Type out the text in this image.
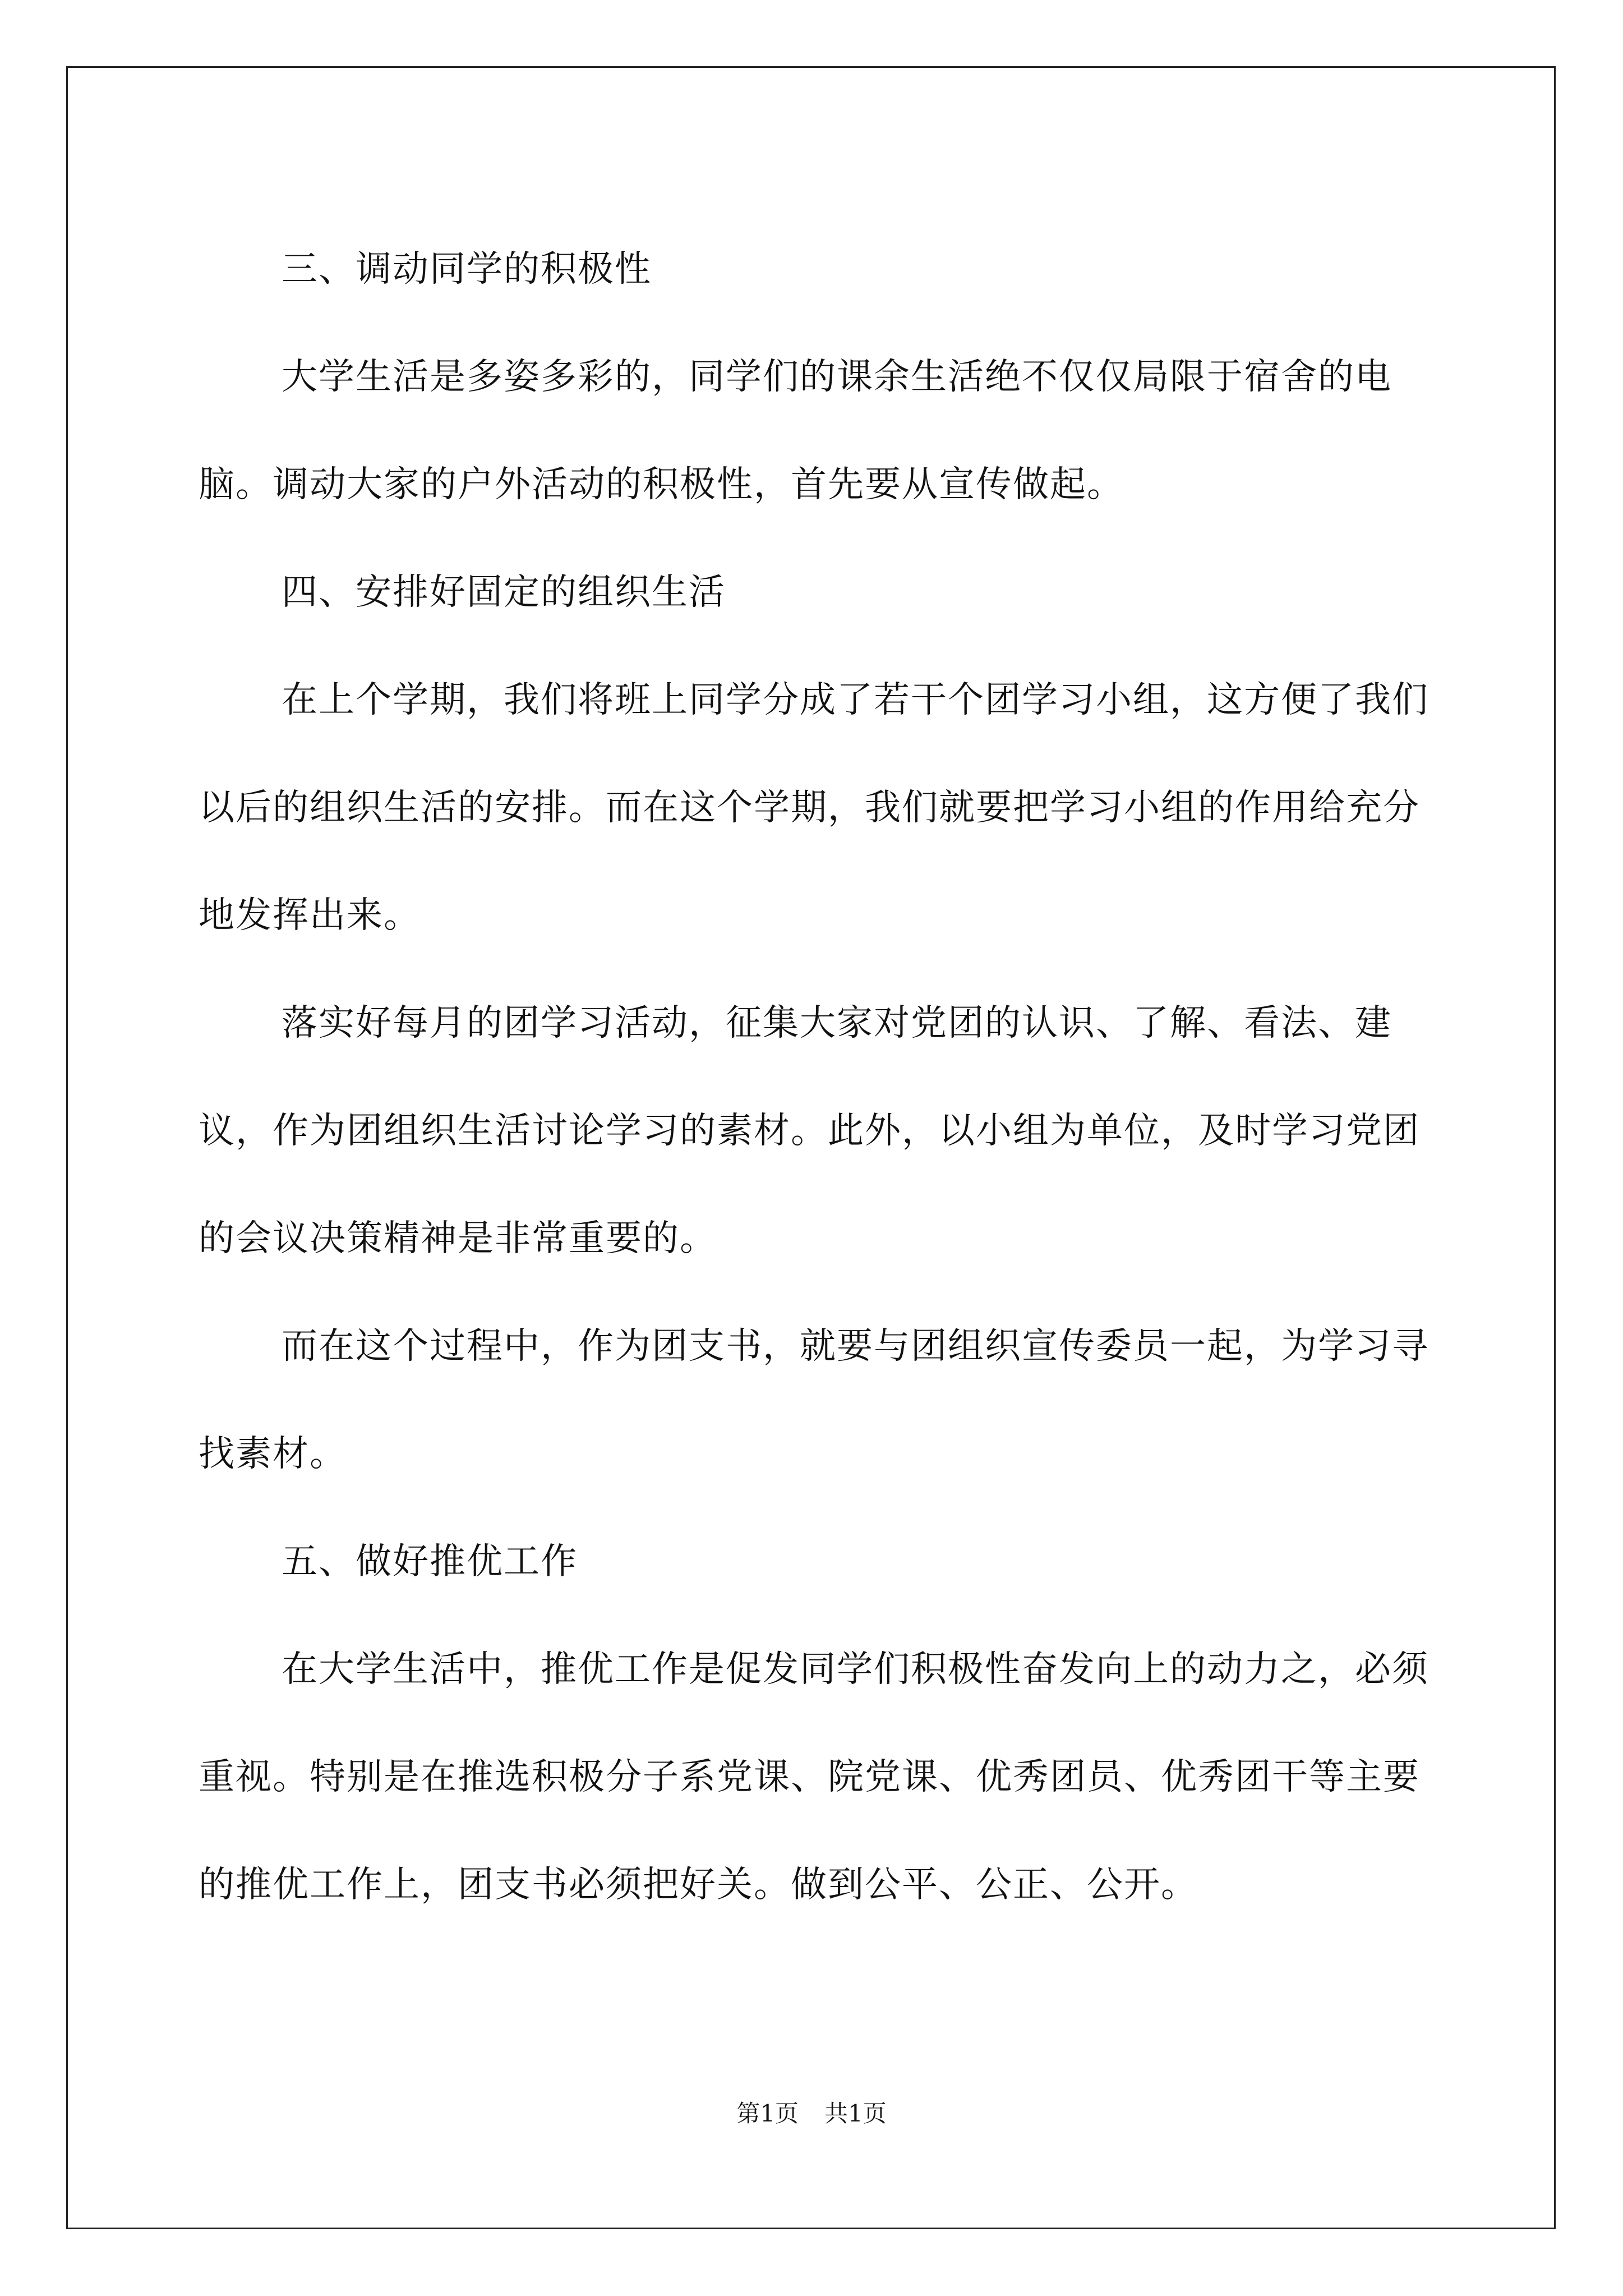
三、调动同学的积极性

大学生活是多姿多彩的，同学们的课余生活绝不仅仅局限于宿舍的电脑。调动大家的户外活动的积极性，首先要从宣传做起。

四、安排好固定的组织生活

在上个学期，我们将班上同学分成了若干个团学习小组，这方便了我们以后的组织生活的安排。而在这个学期，我们就要把学习小组的作用给充分地发挥出来。

落实好每月的团学习活动，征集大家对党团的认识、了解、看法、建议，作为团组织生活讨论学习的素材。此外，以小组为单位，及时学习党团的会议决策精神是非常重要的。

而在这个过程中，作为团支书，就要与团组织宣传委员一起，为学习寻找素材。

五、做好推优工作

在大学生活中，推优工作是促发同学们积极性奋发向上的动力之，必须重视。特别是在推选积极分子系党课、院党课、优秀团员、优秀团干等主要的推优工作上，团支书必须把好关。做到公平、公正、公开。

第1页 共1页
